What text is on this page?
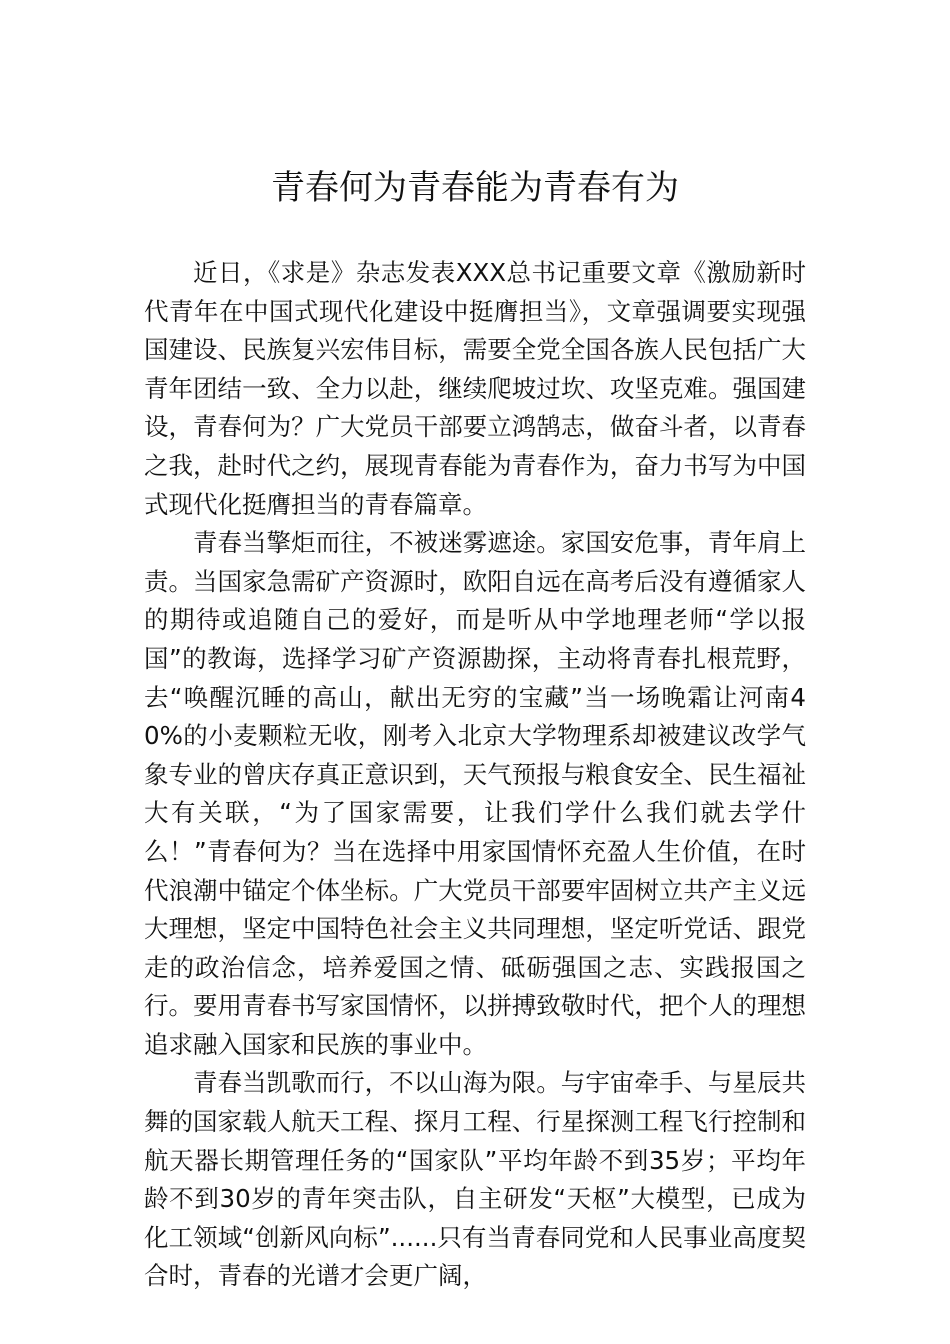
青春何为青春能为青春有为

近日，《求是》杂志发表XXX总书记重要文章《激励新时代青年在中国式现代化建设中挺膺担当》，文章强调要实现强国建设、民族复兴宏伟目标，需要全党全国各族人民包括广大青年团结一致、全力以赴，继续爬坡过坎、攻坚克难。强国建设，青春何为？广大党员干部要立鸿鹄志，做奋斗者，以青春之我，赴时代之约，展现青春能为青春作为，奋力书写为中国式现代化挺膺担当的青春篇章。

青春当擎炬而往，不被迷雾遮途。家国安危事，青年肩上责。当国家急需矿产资源时，欧阳自远在高考后没有遵循家人的期待或追随自己的爱好，而是听从中学地理老师“学以报国”的教诲，选择学习矿产资源勘探，主动将青春扎根荒野，去“唤醒沉睡的高山，献出无穷的宝藏”当一场晚霜让河南40%的小麦颗粒无收，刚考入北京大学物理系却被建议改学气象专业的曾庆存真正意识到，天气预报与粮食安全、民生福祉大有关联，“为了国家需要，让我们学什么我们就去学什么！”青春何为？当在选择中用家国情怀充盈人生价值，在时代浪潮中锚定个体坐标。广大党员干部要牢固树立共产主义远大理想，坚定中国特色社会主义共同理想，坚定听党话、跟党走的政治信念，培养爱国之情、砥砺强国之志、实践报国之行。要用青春书写家国情怀，以拼搏致敬时代，把个人的理想追求融入国家和民族的事业中。

青春当凯歌而行，不以山海为限。与宇宙牵手、与星辰共舞的国家载人航天工程、探月工程、行星探测工程飞行控制和航天器长期管理任务的“国家队”平均年龄不到35岁；平均年龄不到30岁的青年突击队，自主研发“天枢”大模型，已成为化工领域“创新风向标”......只有当青春同党和人民事业高度契合时，青春的光谱才会更广阔，
